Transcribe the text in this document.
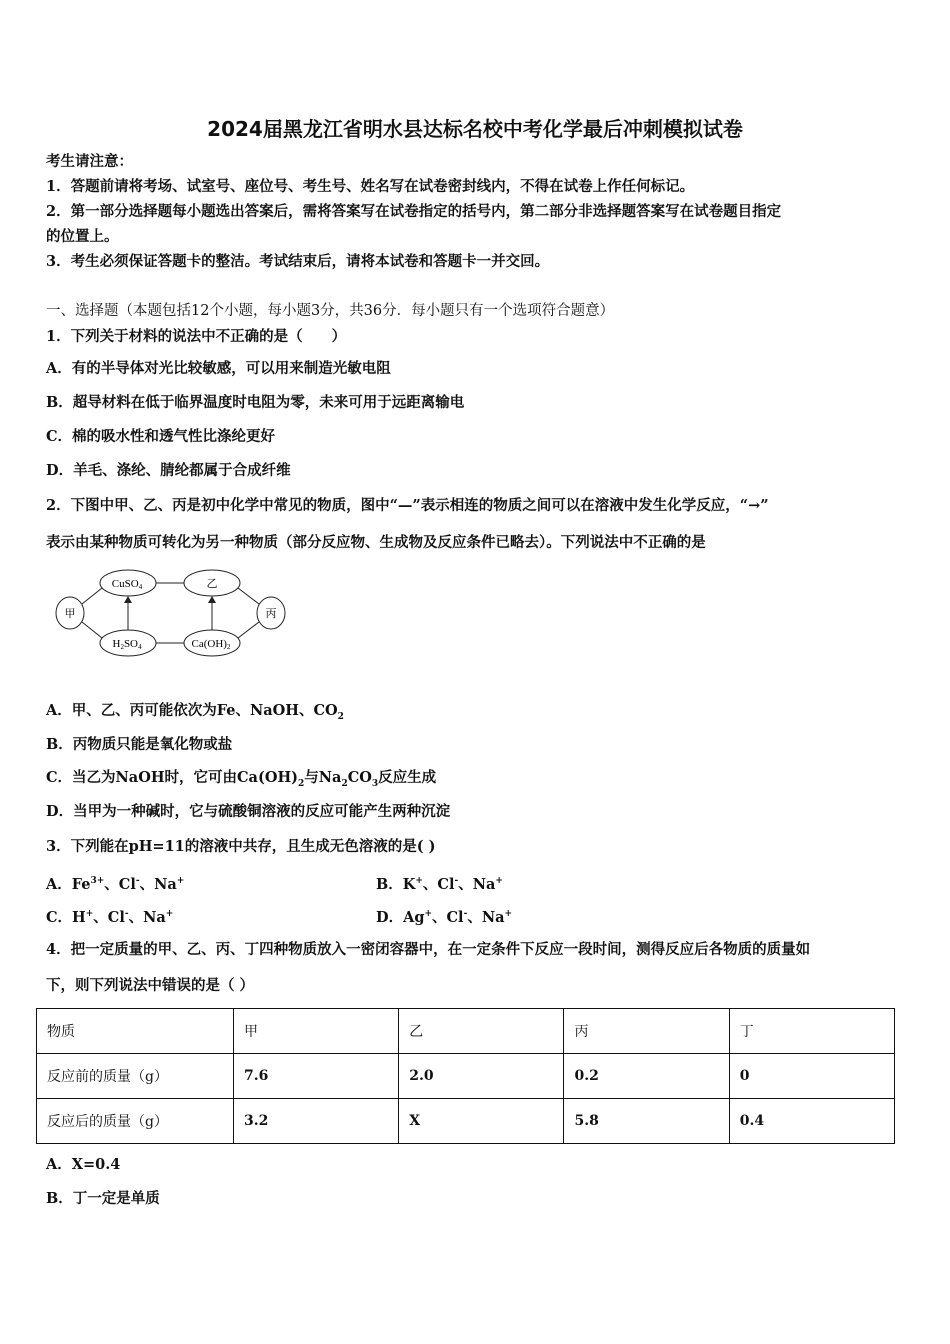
2024届黑龙江省明水县达标名校中考化学最后冲刺模拟试卷
考生请注意：
1．答题前请将考场、试室号、座位号、考生号、姓名写在试卷密封线内，不得在试卷上作任何标记。
2．第一部分选择题每小题选出答案后，需将答案写在试卷指定的括号内，第二部分非选择题答案写在试卷题目指定
的位置上。
3．考生必须保证答题卡的整洁。考试结束后，请将本试卷和答题卡一并交回。
一、选择题（本题包括12个小题，每小题3分，共36分．每小题只有一个选项符合题意）
1．下列关于材料的说法中不正确的是（　　）
A．有的半导体对光比较敏感，可以用来制造光敏电阻
B．超导材料在低于临界温度时电阻为零，未来可用于远距离输电
C．棉的吸水性和透气性比涤纶更好
D．羊毛、涤纶、腈纶都属于合成纤维
2．下图中甲、乙、丙是初中化学中常见的物质，图中“—”表示相连的物质之间可以在溶液中发生化学反应，“→”
表示由某种物质可转化为另一种物质（部分反应物、生成物及反应条件已略去）。下列说法中不正确的是
甲	丙
乙
CuSO4
H2SO4	Ca(OH)2
A．甲、乙、丙可能依次为Fe、NaOH、$CO_2$
B．丙物质只能是氧化物或盐
C．当乙为NaOH时，它可由$Ca(OH)_2$与$Na_2CO_3$反应生成
D．当甲为一种碱时，它与硫酸铜溶液的反应可能产生两种沉淀
3．下列能在pH=11的溶液中共存，且生成无色溶液的是( )
A．$Fe^{3+}$、Cl-、Na+	B．K+、Cl-、Na+
C．H+、Cl-、Na+	D．Ag+、Cl-、Na+
4．把一定质量的甲、乙、丙、丁四种物质放入一密闭容器中，在一定条件下反应一段时间，测得反应后各物质的质量如
下，则下列说法中错误的是（ ）
物质	甲	乙	丙	丁
反应前的质量（g）	7.6	2.0	0.2	0
反应后的质量（g）	3.2	X	5.8	0.4
A．X=0.4
B．丁一定是单质
